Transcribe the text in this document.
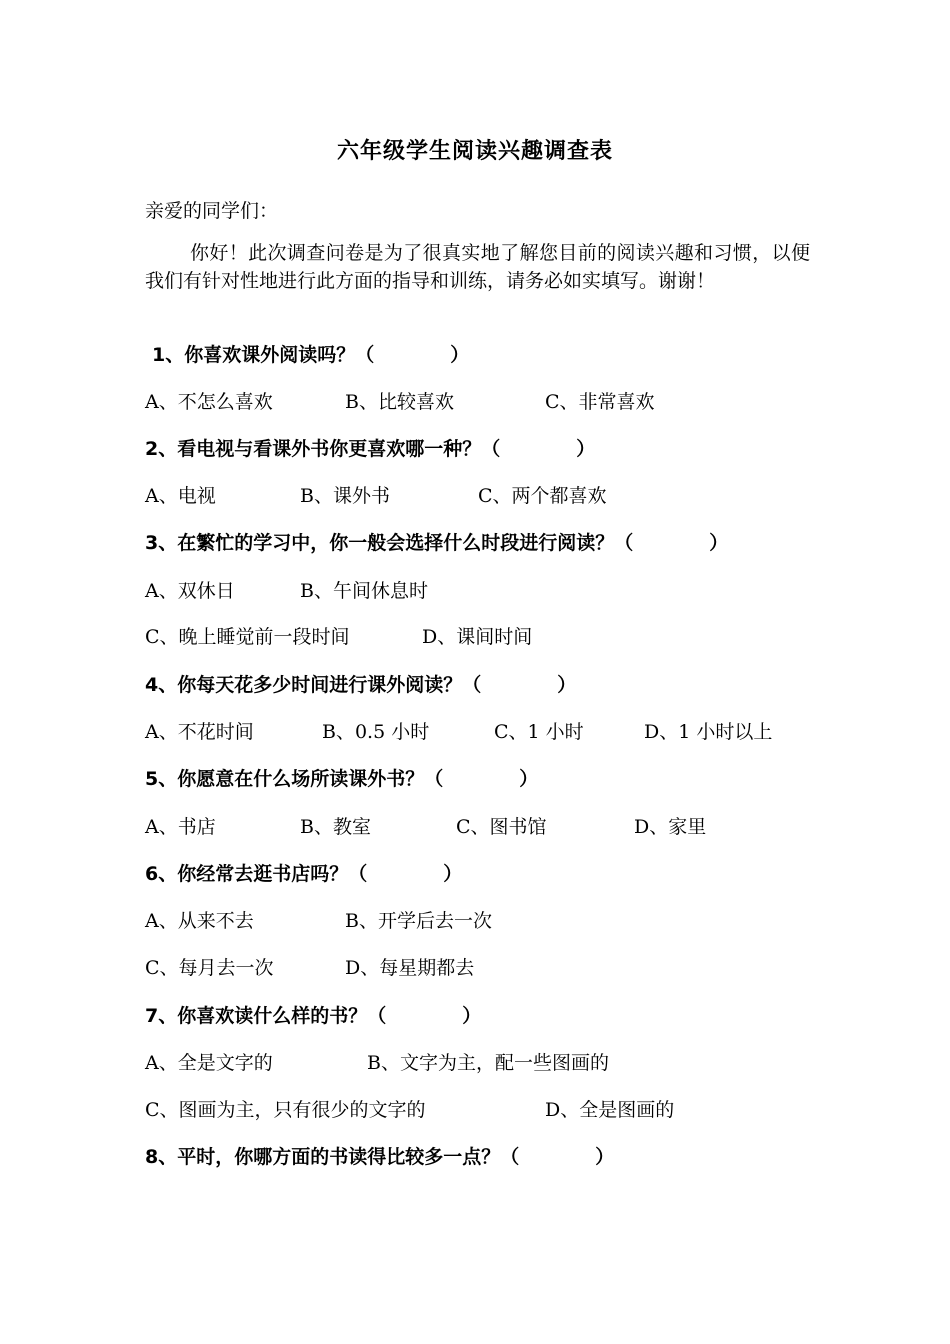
六年级学生阅读兴趣调查表
亲爱的同学们：
你好！此次调查问卷是为了很真实地了解您目前的阅读兴趣和习惯，以便我们有针对性地进行此方面的指导和训练，请务必如实填写。谢谢！
1、你喜欢课外阅读吗？（　　　　）
A、不怎么喜欢	B、比较喜欢	C、非常喜欢
2、看电视与看课外书你更喜欢哪一种？（　　　　）
A、电视	B、课外书	C、两个都喜欢
3、在繁忙的学习中，你一般会选择什么时段进行阅读？（　　　　）
A、双休日	B、午间休息时
C、晚上睡觉前一段时间	D、课间时间
4、你每天花多少时间进行课外阅读？（　　　　）
A、不花时间	B、0.5 小时	C、1 小时	D、1 小时以上
5、你愿意在什么场所读课外书？（　　　　）
A、书店	B、教室	C、图书馆	D、家里
6、你经常去逛书店吗？（　　　　）
A、从来不去	B、开学后去一次
C、每月去一次	D、每星期都去
7、你喜欢读什么样的书？（　　　　）
A、全是文字的	B、文字为主，配一些图画的
C、图画为主，只有很少的文字的	D、全是图画的
8、平时，你哪方面的书读得比较多一点？（　　　　）
